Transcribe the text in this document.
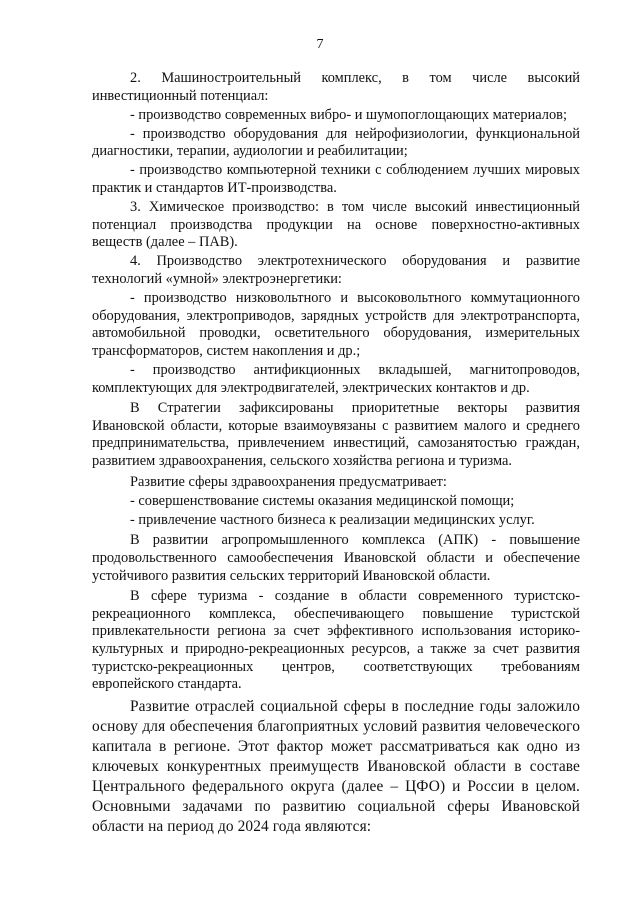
7

2. Машиностроительный комплекс, в том числе высокий инвестиционный потенциал:

- производство современных вибро- и шумопоглощающих материалов;

- производство оборудования для нейрофизиологии, функциональной диагностики, терапии, аудиологии и реабилитации;

- производство компьютерной техники с соблюдением лучших мировых практик и стандартов ИТ-производства.

3. Химическое производство: в том числе высокий инвестиционный потенциал производства продукции на основе поверхностно-активных веществ (далее – ПАВ).

4. Производство электротехнического оборудования и развитие технологий «умной» электроэнергетики:

- производство низковольтного и высоковольтного коммутационного оборудования, электроприводов, зарядных устройств для электротранспорта, автомобильной проводки, осветительного оборудования, измерительных трансформаторов, систем накопления и др.;

- производство антификционных вкладышей, магнитопроводов, комплектующих для электродвигателей, электрических контактов и др.

В Стратегии зафиксированы приоритетные векторы развития Ивановской области, которые взаимоувязаны с развитием малого и среднего предпринимательства, привлечением инвестиций, самозанятостью граждан, развитием здравоохранения, сельского хозяйства региона и туризма.

Развитие сферы здравоохранения предусматривает:

- совершенствование системы оказания медицинской помощи;

- привлечение частного бизнеса к реализации медицинских услуг.

В развитии агропромышленного комплекса (АПК) - повышение продовольственного самообеспечения Ивановской области и обеспечение устойчивого развития сельских территорий Ивановской области.

В сфере туризма - создание в области современного туристско-рекреационного комплекса, обеспечивающего повышение туристской привлекательности региона за счет эффективного использования историко-культурных и природно-рекреационных ресурсов, а также за счет развития туристско-рекреационных центров, соответствующих требованиям европейского стандарта.

Развитие отраслей социальной сферы в последние годы заложило основу для обеспечения благоприятных условий развития человеческого капитала в регионе. Этот фактор может рассматриваться как одно из ключевых конкурентных преимуществ Ивановской области в составе Центрального федерального округа (далее – ЦФО) и России в целом. Основными задачами по развитию социальной сферы Ивановской области на период до 2024 года являются:
